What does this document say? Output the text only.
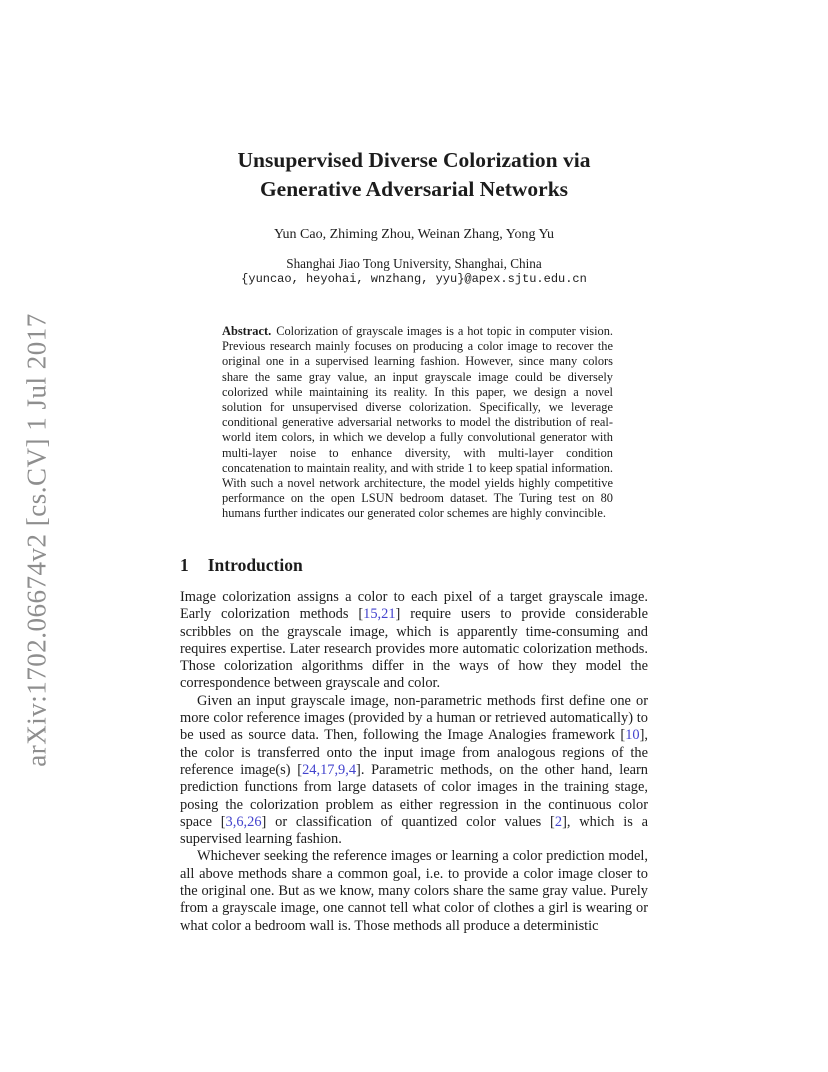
arXiv:1702.06674v2 [cs.CV] 1 Jul 2017
Unsupervised Diverse Colorization via
Generative Adversarial Networks
Yun Cao, Zhiming Zhou, Weinan Zhang, Yong Yu
Shanghai Jiao Tong University, Shanghai, China
{yuncao, heyohai, wnzhang, yyu}@apex.sjtu.edu.cn
Abstract. Colorization of grayscale images is a hot topic in computer vision. Previous research mainly focuses on producing a color image to recover the original one in a supervised learning fashion. However, since many colors share the same gray value, an input grayscale image could be diversely colorized while maintaining its reality. In this paper, we design a novel solution for unsupervised diverse colorization. Specifically, we leverage conditional generative adversarial networks to model the distribution of real-world item colors, in which we develop a fully convolutional generator with multi-layer noise to enhance diversity, with multi-layer condition concatenation to maintain reality, and with stride 1 to keep spatial information. With such a novel network architecture, the model yields highly competitive performance on the open LSUN bedroom dataset. The Turing test on 80 humans further indicates our generated color schemes are highly convincible.
1 Introduction

Image colorization assigns a color to each pixel of a target grayscale image. Early colorization methods [15,21] require users to provide considerable scribbles on the grayscale image, which is apparently time-consuming and requires expertise. Later research provides more automatic colorization methods. Those colorization algorithms differ in the ways of how they model the correspondence between grayscale and color.

Given an input grayscale image, non-parametric methods first define one or more color reference images (provided by a human or retrieved automatically) to be used as source data. Then, following the Image Analogies framework [10], the color is transferred onto the input image from analogous regions of the reference image(s) [24,17,9,4]. Parametric methods, on the other hand, learn prediction functions from large datasets of color images in the training stage, posing the colorization problem as either regression in the continuous color space [3,6,26] or classification of quantized color values [2], which is a supervised learning fashion.

Whichever seeking the reference images or learning a color prediction model, all above methods share a common goal, i.e. to provide a color image closer to the original one. But as we know, many colors share the same gray value. Purely from a grayscale image, one cannot tell what color of clothes a girl is wearing or what color a bedroom wall is. Those methods all produce a deterministic
